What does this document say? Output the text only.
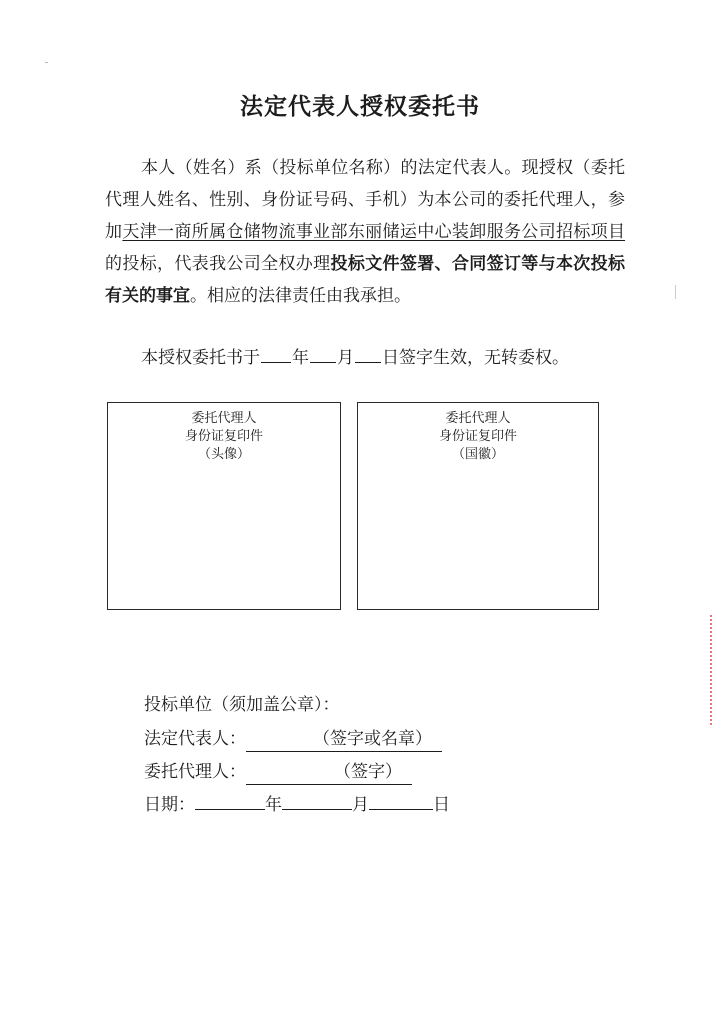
法定代表人授权委托书
本人（姓名）系（投标单位名称）的法定代表人。现授权（委托代理人姓名、性别、身份证号码、手机）为本公司的委托代理人，参加天津一商所属仓储物流事业部东丽储运中心装卸服务公司招标项目的投标，代表我公司全权办理投标文件签署、合同签订等与本次投标有关的事宜。相应的法律责任由我承担。
本授权委托书于 年 月 日签字生效，无转委权。
委托代理人
身份证复印件
（头像）
委托代理人
身份证复印件
（国徽）
投标单位（须加盖公章）：
法定代表人：	（签字或名章）
委托代理人：	（签字）
日期：	年	月	日
